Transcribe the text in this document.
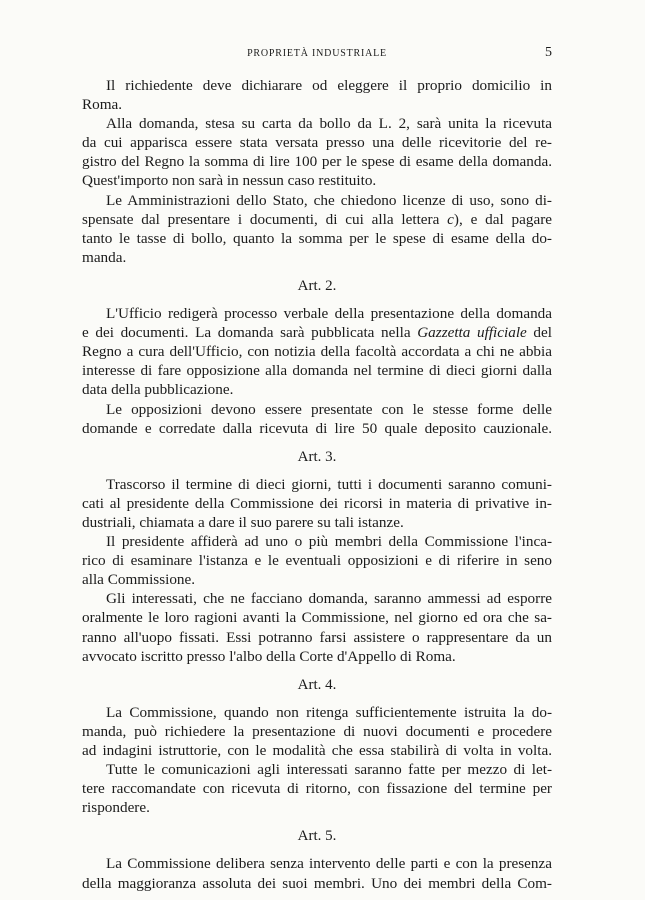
PROPRIETÀ INDUSTRIALE	5
Il richiedente deve dichiarare od eleggere il proprio domicilio in
Roma.
Alla domanda, stesa su carta da bollo da L. 2, sarà unita la ricevuta
da cui apparisca essere stata versata presso una delle ricevitorie del re-
gistro del Regno la somma di lire 100 per le spese di esame della domanda.
Quest'importo non sarà in nessun caso restituito.
Le Amministrazioni dello Stato, che chiedono licenze di uso, sono di-
spensate dal presentare i documenti, di cui alla lettera c), e dal pagare
tanto le tasse di bollo, quanto la somma per le spese di esame della do-
manda.
Art. 2.
L'Ufficio redigerà processo verbale della presentazione della domanda
e dei documenti. La domanda sarà pubblicata nella Gazzetta ufficiale del
Regno a cura dell'Ufficio, con notizia della facoltà accordata a chi ne abbia
interesse di fare opposizione alla domanda nel termine di dieci giorni dalla
data della pubblicazione.
Le opposizioni devono essere presentate con le stesse forme delle
domande e corredate dalla ricevuta di lire 50 quale deposito cauzionale.
Art. 3.
Trascorso il termine di dieci giorni, tutti i documenti saranno comuni-
cati al presidente della Commissione dei ricorsi in materia di privative in-
dustriali, chiamata a dare il suo parere su tali istanze.
Il presidente affiderà ad uno o più membri della Commissione l'inca-
rico di esaminare l'istanza e le eventuali opposizioni e di riferire in seno
alla Commissione.
Gli interessati, che ne facciano domanda, saranno ammessi ad esporre
oralmente le loro ragioni avanti la Commissione, nel giorno ed ora che sa-
ranno all'uopo fissati. Essi potranno farsi assistere o rappresentare da un
avvocato iscritto presso l'albo della Corte d'Appello di Roma.
Art. 4.
La Commissione, quando non ritenga sufficientemente istruita la do-
manda, può richiedere la presentazione di nuovi documenti e procedere
ad indagini istruttorie, con le modalità che essa stabilirà di volta in volta.
Tutte le comunicazioni agli interessati saranno fatte per mezzo di let-
tere raccomandate con ricevuta di ritorno, con fissazione del termine per
rispondere.
Art. 5.
La Commissione delibera senza intervento delle parti e con la presenza
della maggioranza assoluta dei suoi membri. Uno dei membri della Com-
